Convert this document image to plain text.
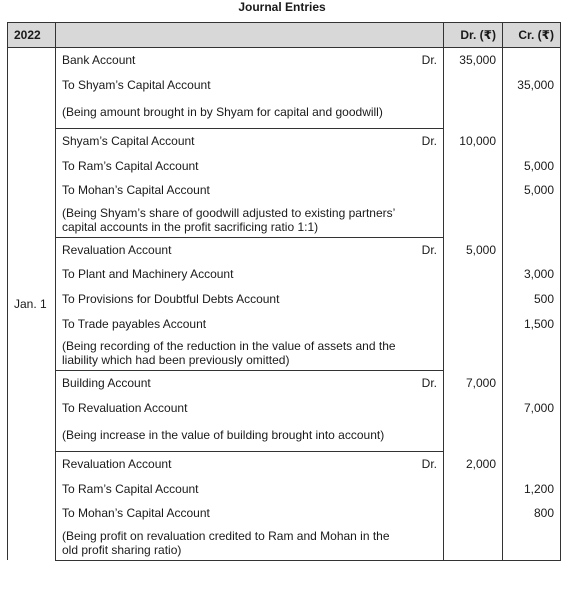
Journal Entries
2022			Dr. (₹)	Cr. (₹)
Jan. 1	Bank Account	Dr.	35,000	
	To Shyam’s Capital Account			35,000
	(Being amount brought in by Shyam for capital and goodwill)			
	Shyam’s Capital Account	Dr.	10,000	
	To Ram’s Capital Account			5,000
	To Mohan’s Capital Account			5,000
	(Being Shyam’s share of goodwill adjusted to existing partners’ capital accounts in the profit sacrificing ratio 1:1)			
	Revaluation Account	Dr.	5,000	
	To Plant and Machinery Account			3,000
	To Provisions for Doubtful Debts Account			500
	To Trade payables Account			1,500
	(Being recording of the reduction in the value of assets and the liability which had been previously omitted)			
	Building Account	Dr.	7,000	
	To Revaluation Account			7,000
	(Being increase in the value of building brought into account)			
	Revaluation Account	Dr.	2,000	
	To Ram’s Capital Account			1,200
	To Mohan’s Capital Account			800
	(Being profit on revaluation credited to Ram and Mohan in the old profit sharing ratio)			
